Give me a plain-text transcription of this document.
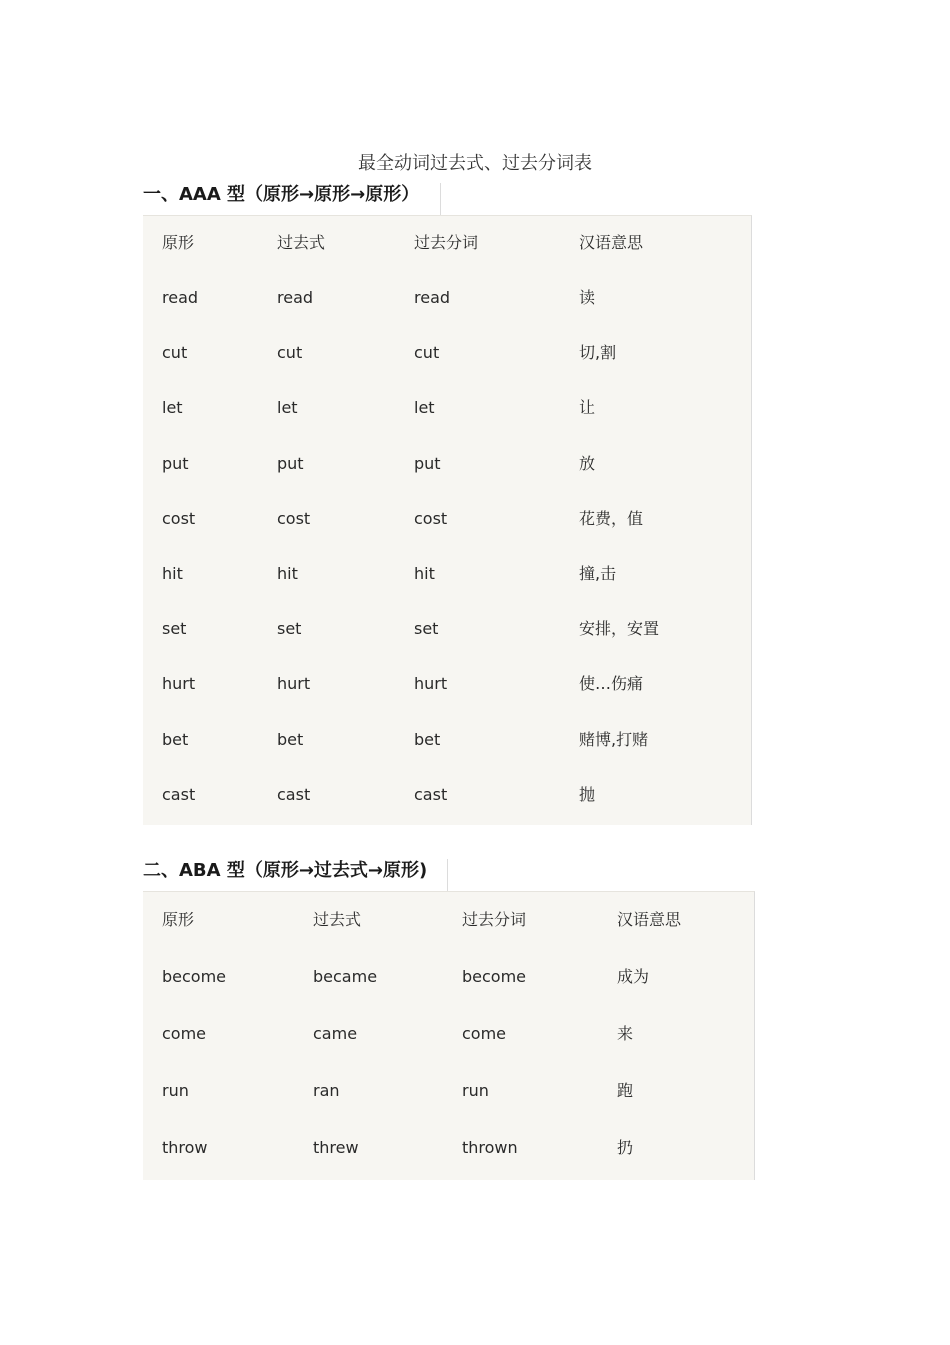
最全动词过去式、过去分词表
一、AAA 型（原形→原形→原形）
原形	过去式	过去分词	汉语意思
read	read	read	读
cut	cut	cut	切,割
let	let	let	让
put	put	put	放
cost	cost	cost	花费，值
hit	hit	hit	撞,击
set	set	set	安排，安置
hurt	hurt	hurt	使…伤痛
bet	bet	bet	赌博,打赌
cast	cast	cast	抛
二、ABA 型（原形→过去式→原形)
原形	过去式	过去分词	汉语意思
become	became	become	成为
come	came	come	来
run	ran	run	跑
throw	threw	thrown	扔
